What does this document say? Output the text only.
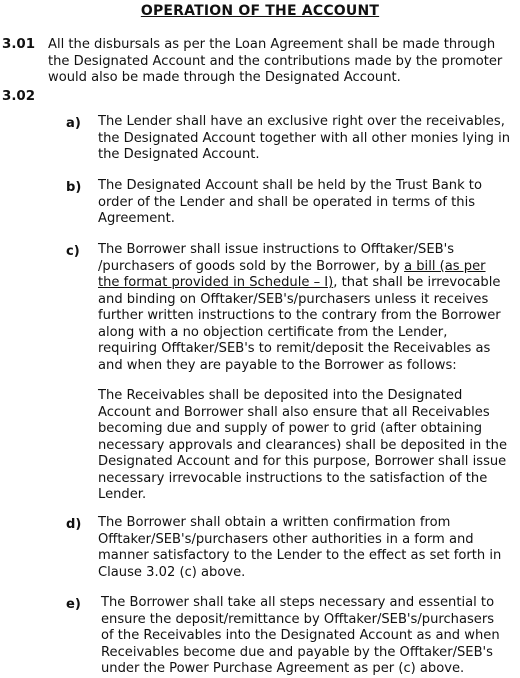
OPERATION OF THE ACCOUNT
3.01 All the disbursals as per the Loan Agreement shall be made through
the Designated Account and the contributions made by the promoter
would also be made through the Designated Account.
3.02
a) The Lender shall have an exclusive right over the receivables,
the Designated Account together with all other monies lying in
the Designated Account.
b) The Designated Account shall be held by the Trust Bank to
order of the Lender and shall be operated in terms of this
Agreement.
c) The Borrower shall issue instructions to Offtaker/SEB's
/purchasers of goods sold by the Borrower, by a bill (as per
the format provided in Schedule – I), that shall be irrevocable
and binding on Offtaker/SEB's/purchasers unless it receives
further written instructions to the contrary from the Borrower
along with a no objection certificate from the Lender,
requiring Offtaker/SEB's to remit/deposit the Receivables as
and when they are payable to the Borrower as follows:
The Receivables shall be deposited into the Designated
Account and Borrower shall also ensure that all Receivables
becoming due and supply of power to grid (after obtaining
necessary approvals and clearances) shall be deposited in the
Designated Account and for this purpose, Borrower shall issue
necessary irrevocable instructions to the satisfaction of the
Lender.
d) The Borrower shall obtain a written confirmation from
Offtaker/SEB's/purchasers other authorities in a form and
manner satisfactory to the Lender to the effect as set forth in
Clause 3.02 (c) above.
e) The Borrower shall take all steps necessary and essential to
ensure the deposit/remittance by Offtaker/SEB's/purchasers
of the Receivables into the Designated Account as and when
Receivables become due and payable by the Offtaker/SEB's
under the Power Purchase Agreement as per (c) above.
